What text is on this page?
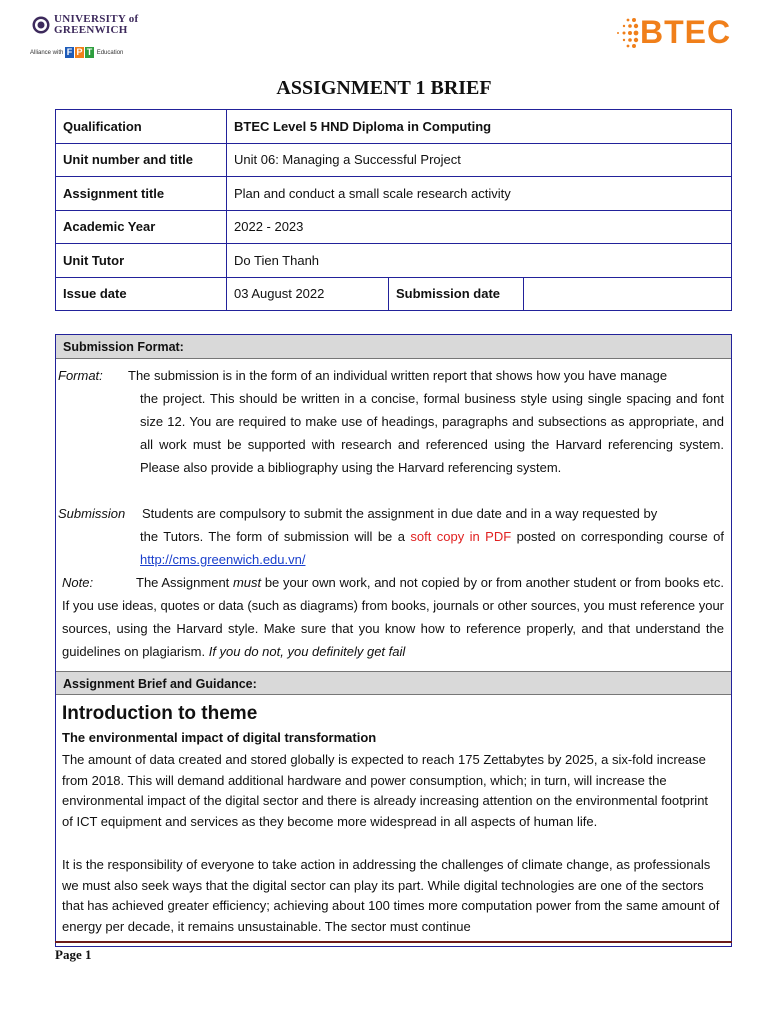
UNIVERSITY of
GREENWICH
Alliance with F P T Education
BTEC
ASSIGNMENT 1 BRIEF
Qualification	BTEC Level 5 HND Diploma in Computing		
Unit number and title	Unit 06: Managing a Successful Project		
Assignment title	Plan and conduct a small scale research activity		
Academic Year	2022 - 2023		
Unit Tutor	Do Tien Thanh		
Issue date	03 August 2022	Submission date	
Submission Format:
Format: The submission is in the form of an individual written report that shows how you have manage
the project. This should be written in a concise, formal business style using single spacing and font size 12. You are required to make use of headings, paragraphs and subsections as appropriate, and all work must be supported with research and referenced using the Harvard referencing system. Please also provide a bibliography using the Harvard referencing system.
Submission Students are compulsory to submit the assignment in due date and in a way requested by
the Tutors. The form of submission will be a soft copy in PDF posted on corresponding course of http://cms.greenwich.edu.vn/
Note:	The Assignment must be your own work, and not copied by or from another student or from books etc. If you use ideas, quotes or data (such as diagrams) from books, journals or other sources, you must reference your sources, using the Harvard style. Make sure that you know how to reference properly, and that understand the guidelines on plagiarism. If you do not, you definitely get fail
Assignment Brief and Guidance:
Introduction to theme
The environmental impact of digital transformation
The amount of data created and stored globally is expected to reach 175 Zettabytes by 2025, a six-fold increase from 2018. This will demand additional hardware and power consumption, which; in turn, will increase the environmental impact of the digital sector and there is already increasing attention on the environmental footprint of ICT equipment and services as they become more widespread in all aspects of human life.
It is the responsibility of everyone to take action in addressing the challenges of climate change, as professionals we must also seek ways that the digital sector can play its part. While digital technologies are one of the sectors that has achieved greater efficiency; achieving about 100 times more computation power from the same amount of energy per decade, it remains unsustainable. The sector must continue
Page 1
